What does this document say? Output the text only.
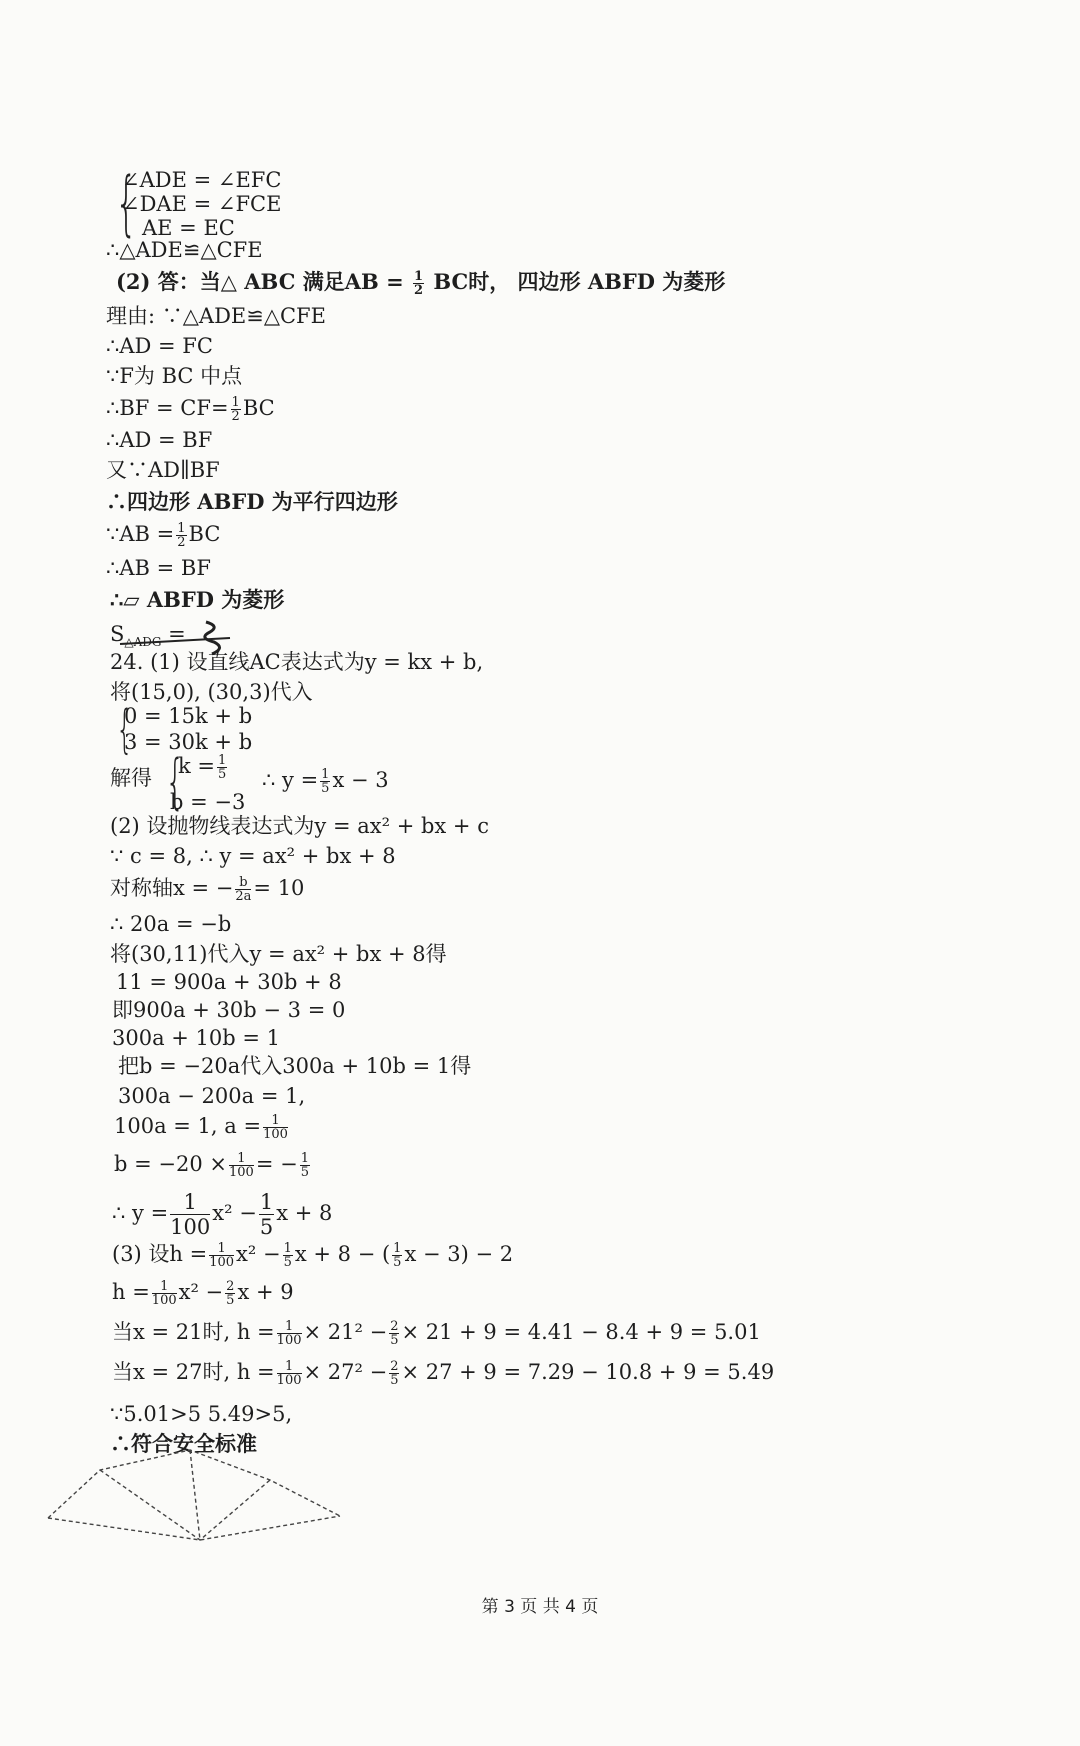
{
∠ADE = ∠EFC
∠DAE = ∠FCE
AE = EC
∴△ADE≌△CFE
(2) 答：当△ ABC 满足AB = $\frac{1}{2}$ BC时， 四边形 ABFD 为菱形
理由: ∵△ADE≌△CFE
∴AD = FC
∵F为 BC 中点
∴BF = $CF= \frac{1}{2}$ BC
∴AD = BF
又∵AD∥BF
∴四边形 ABFD 为平行四边形
∵AB = $\frac{1}{2}$ BC
∴AB = BF
∴▱ ABFD 为菱形
$S_{\triangle ADG}$ =
24. (1) 设直线AC表达式为y = kx + b,
将(15,0), (30,3)代入
{
0 = 15k + b
3 = 30k + b
解得 {
$k = \frac{1}{5}$
b = −3
∴ $y = \frac{1}{5}$ x − 3
(2) 设抛物线表达式为y = ax² + bx + c
∵ c = 8, ∴ y = ax² + bx + 8
对称轴x = − $\frac{b}{2a} = 10$
∴ 20a = −b
将(30,11)代入y = ax² + bx + 8得
11 = 900a + 30b + 8
即900a + 30b − 3 = 0
300a + 10b = 1
把b = −20a代入300a + 10b = 1得
300a − 200a = 1,
100a = 1, $a = \frac{1}{100}$
$b = -20 \times \frac{1}{100}$ = − $\frac{1}{5}$
∴ $y = \frac{1}{100} x^2 - \frac{1}{5}$ x + 8
(3) 设$h = \frac{1}{100} x^2 - \frac{1}{5}$ x + 8 − ( $\frac{1}{5}$ x − 3) − 2
$h = \frac{1}{100} x^2 - \frac{2}{5}$ x + 9
当x = 21时, $h = \frac{1}{100} \times 21^2 - \frac{2}{5} \times 21 + 9 = 4.41 - 8.4 + 9 = 5.01$
当x = 27时, $h = \frac{1}{100} \times 27^2 - \frac{2}{5} \times 27 + 9 = 7.29 - 10.8 + 9 = 5.49$
∵5.01>5 5.49>5,
∴符合安全标准
第 3 页 共 4 页
